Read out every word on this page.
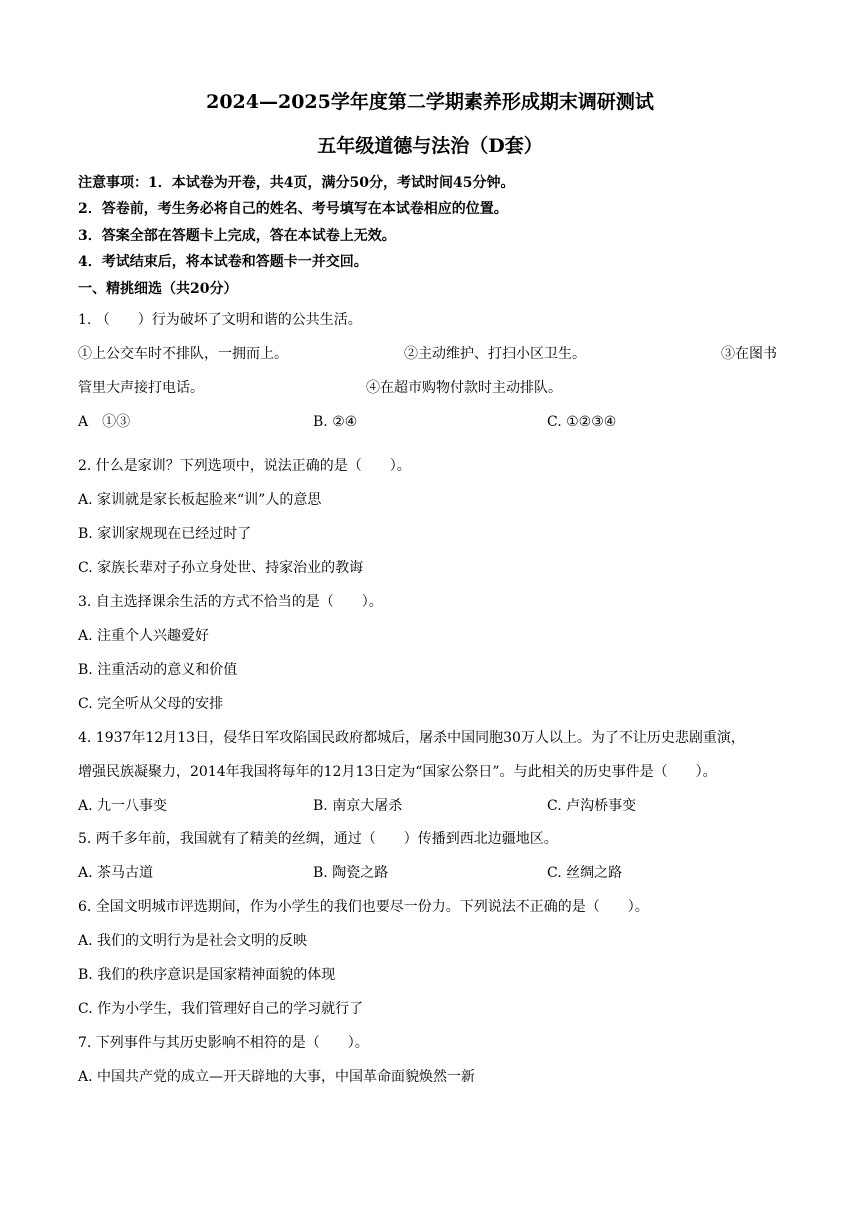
2024—2025学年度第二学期素养形成期末调研测试
五年级道德与法治（D套）
注意事项：1．本试卷为开卷，共4页，满分50分，考试时间45分钟。
2．答卷前，考生务必将自己的姓名、考号填写在本试卷相应的位置。
3．答案全部在答题卡上完成，答在本试卷上无效。
4．考试结束后，将本试卷和答题卡一并交回。
一、精挑细选（共20分）
1. （　　）行为破坏了文明和谐的公共生活。
①上公交车时不排队，一拥而上。	②主动维护、打扫小区卫生。	③在图书
管里大声接打电话。	④在超市购物付款时主动排队。
A　①③	B. ②④	C. ①②③④
2. 什么是家训？下列选项中，说法正确的是（　　）。
A. 家训就是家长板起脸来“训”人的意思
B. 家训家规现在已经过时了
C. 家族长辈对子孙立身处世、持家治业的教诲
3. 自主选择课余生活的方式不恰当的是（　　）。
A. 注重个人兴趣爱好
B. 注重活动的意义和价值
C. 完全听从父母的安排
4. 1937年12月13日，侵华日军攻陷国民政府都城后，屠杀中国同胞30万人以上。为了不让历史悲剧重演，
增强民族凝聚力，2014年我国将每年的12月13日定为“国家公祭日”。与此相关的历史事件是（　　）。
A. 九一八事变	B. 南京大屠杀	C. 卢沟桥事变
5. 两千多年前，我国就有了精美的丝绸，通过（　　）传播到西北边疆地区。
A. 茶马古道	B. 陶瓷之路	C. 丝绸之路
6. 全国文明城市评选期间，作为小学生的我们也要尽一份力。下列说法不正确的是（　　）。
A. 我们的文明行为是社会文明的反映
B. 我们的秩序意识是国家精神面貌的体现
C. 作为小学生，我们管理好自己的学习就行了
7. 下列事件与其历史影响不相符的是（　　）。
A. 中国共产党的成立—开天辟地的大事，中国革命面貌焕然一新
